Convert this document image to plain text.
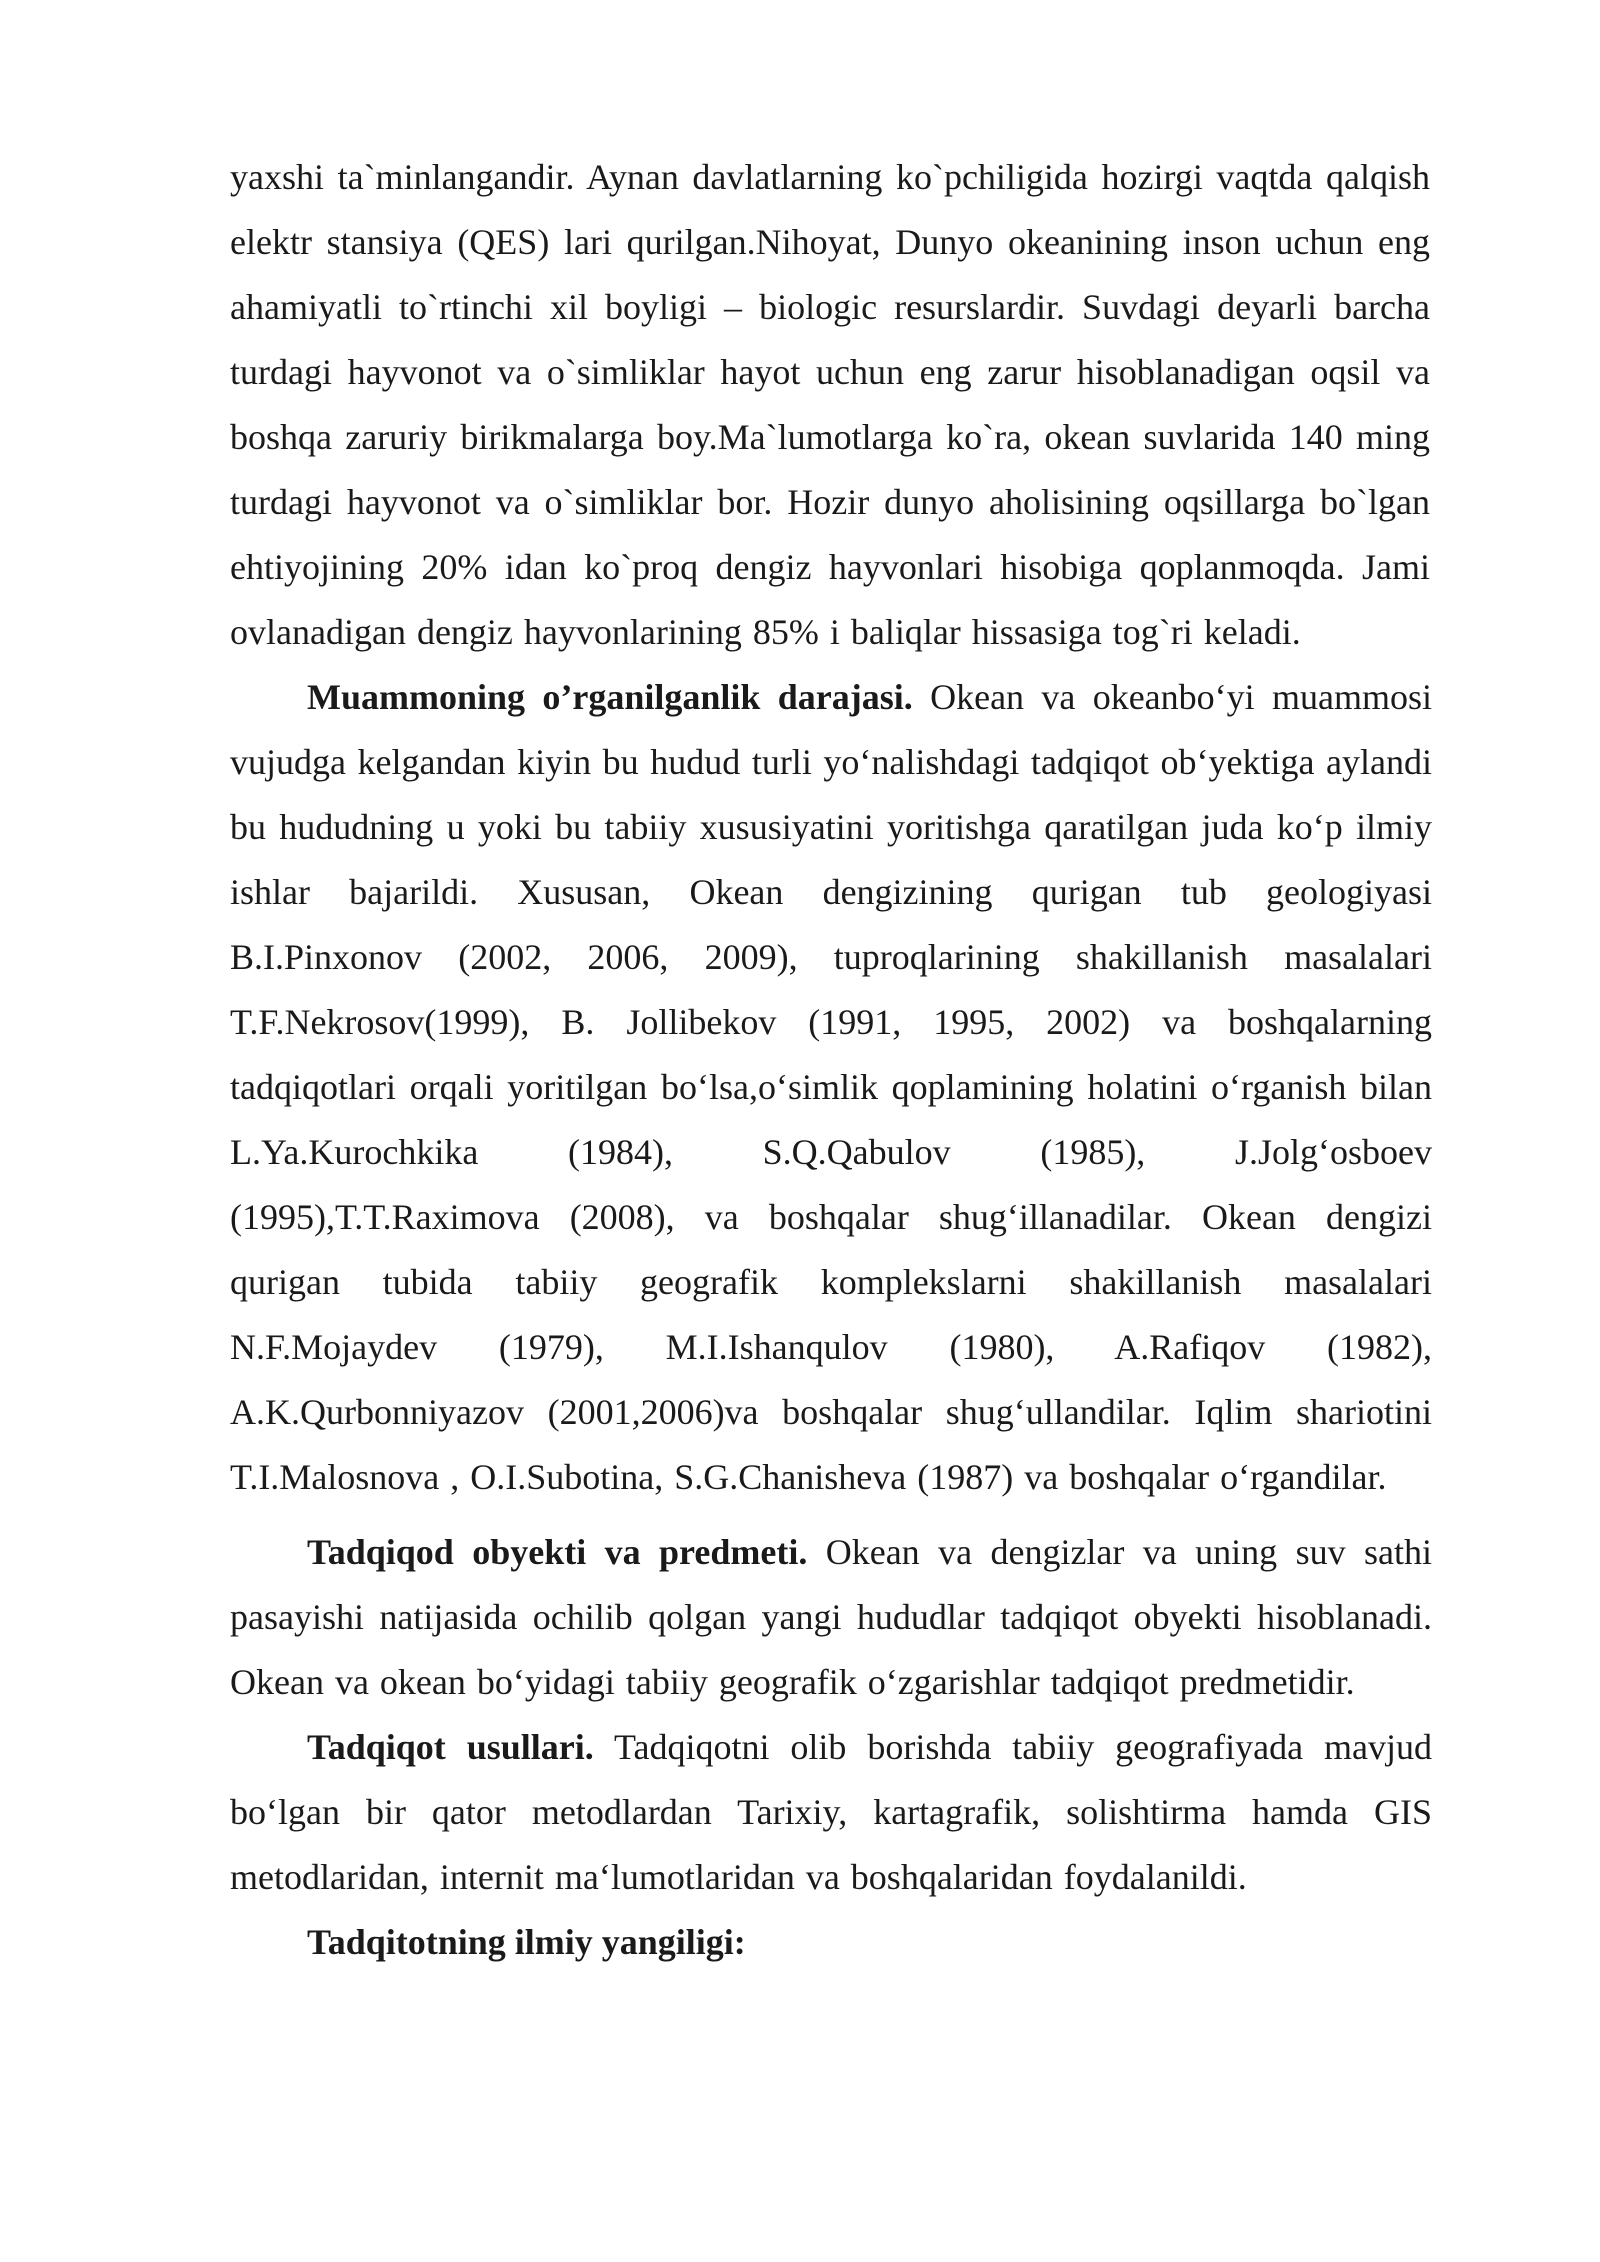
yaxshi ta`minlangandir. Aynan davlatlarning ko`pchiligida hozirgi vaqtda qalqish elektr stansiya (QES) lari qurilgan.Nihoyat, Dunyo okeanining inson uchun eng ahamiyatli to`rtinchi xil boyligi – biologic resurslardir. Suvdagi deyarli barcha turdagi hayvonot va o`simliklar hayot uchun eng zarur hisoblanadigan oqsil va boshqa zaruriy birikmalarga boy.Ma`lumotlarga ko`ra, okean suvlarida 140 ming turdagi hayvonot va o`simliklar bor. Hozir dunyo aholisining oqsillarga bo`lgan ehtiyojining 20% idan ko`proq dengiz hayvonlari hisobiga qoplanmoqda. Jami ovlanadigan dengiz hayvonlarining 85% i baliqlar hissasiga tog`ri keladi.

Muammoning o’rganilganlik darajasi. Okean va okeanbo‘yi muammosi vujudga kelgandan kiyin bu hudud turli yo‘nalishdagi tadqiqot ob‘yektiga aylandi bu hududning u yoki bu tabiiy xususiyatini yoritishga qaratilgan juda ko‘p ilmiy ishlar bajarildi. Xususan, Okean dengizining qurigan tub geologiyasi B.I.Pinxonov (2002, 2006, 2009), tuproqlarining shakillanish masalalari T.F.Nekrosov(1999), B. Jollibekov (1991, 1995, 2002) va boshqalarning tadqiqotlari orqali yoritilgan bo‘lsa,o‘simlik qoplamining holatini o‘rganish bilan L.Ya.Kurochkika (1984), S.Q.Qabulov (1985), J.Jolg‘osboev (1995),T.T.Raximova (2008), va boshqalar shug‘illanadilar. Okean dengizi qurigan tubida tabiiy geografik komplekslarni shakillanish masalalari N.F.Mojaydev (1979), M.I.Ishanqulov (1980), A.Rafiqov (1982), A.K.Qurbonniyazov (2001,2006)va boshqalar shug‘ullandilar. Iqlim shariotini T.I.Malosnova , O.I.Subotina, S.G.Chanisheva (1987) va boshqalar o‘rgandilar.

Tadqiqod obyekti va predmeti. Okean va dengizlar va uning suv sathi pasayishi natijasida ochilib qolgan yangi hududlar tadqiqot obyekti hisoblanadi. Okean va okean bo‘yidagi tabiiy geografik o‘zgarishlar tadqiqot predmetidir.

Tadqiqot usullari. Tadqiqotni olib borishda tabiiy geografiyada mavjud bo‘lgan bir qator metodlardan Tarixiy, kartagrafik, solishtirma hamda GIS metodlaridan, internit ma‘lumotlaridan va boshqalaridan foydalanildi.

Tadqitotning ilmiy yangiligi:
